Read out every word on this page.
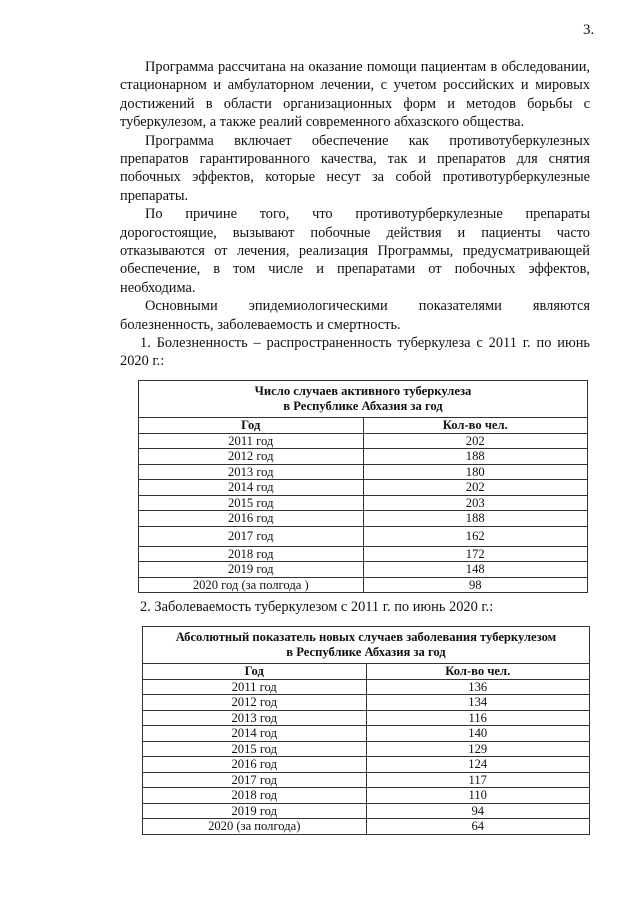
3.

Программа рассчитана на оказание помощи пациентам в обследовании, стационарном и амбулаторном лечении, с учетом российских и мировых достижений в области организационных форм и методов борьбы с туберкулезом, а также реалий современного абхазского общества.

Программа включает обеспечение как противотуберкулезных препаратов гарантированного качества, так и препаратов для снятия побочных эффектов, которые несут за собой противотурберкулезные препараты.

По причине того, что противотурберкулезные препараты дорогостоящие, вызывают побочные действия и пациенты часто отказываются от лечения, реализация Программы, предусматривающей обеспечение, в том числе и препаратами от побочных эффектов, необходима.

Основными эпидемиологическими показателями являются болезненность, заболеваемость и смертность.

1. Болезненность – распространенность туберкулеза с 2011 г. по июнь 2020 г.:
Число случаев активного туберкулеза
в Республике Абхазия за год	
Год	Кол-во чел.
2011 год	202
2012 год	188
2013 год	180
2014 год	202
2015 год	203
2016 год	188
2017 год	162
2018 год	172
2019 год	148
2020 год (за полгода )	98
2. Заболеваемость туберкулезом с 2011 г. по июнь 2020 г.:
Абсолютный показатель новых случаев заболевания туберкулезом
в Республике Абхазия за год	
Год	Кол-во чел.
2011 год	136
2012 год	134
2013 год	116
2014 год	140
2015 год	129
2016 год	124
2017 год	117
2018 год	110
2019 год	94
2020 (за полгода)	64
